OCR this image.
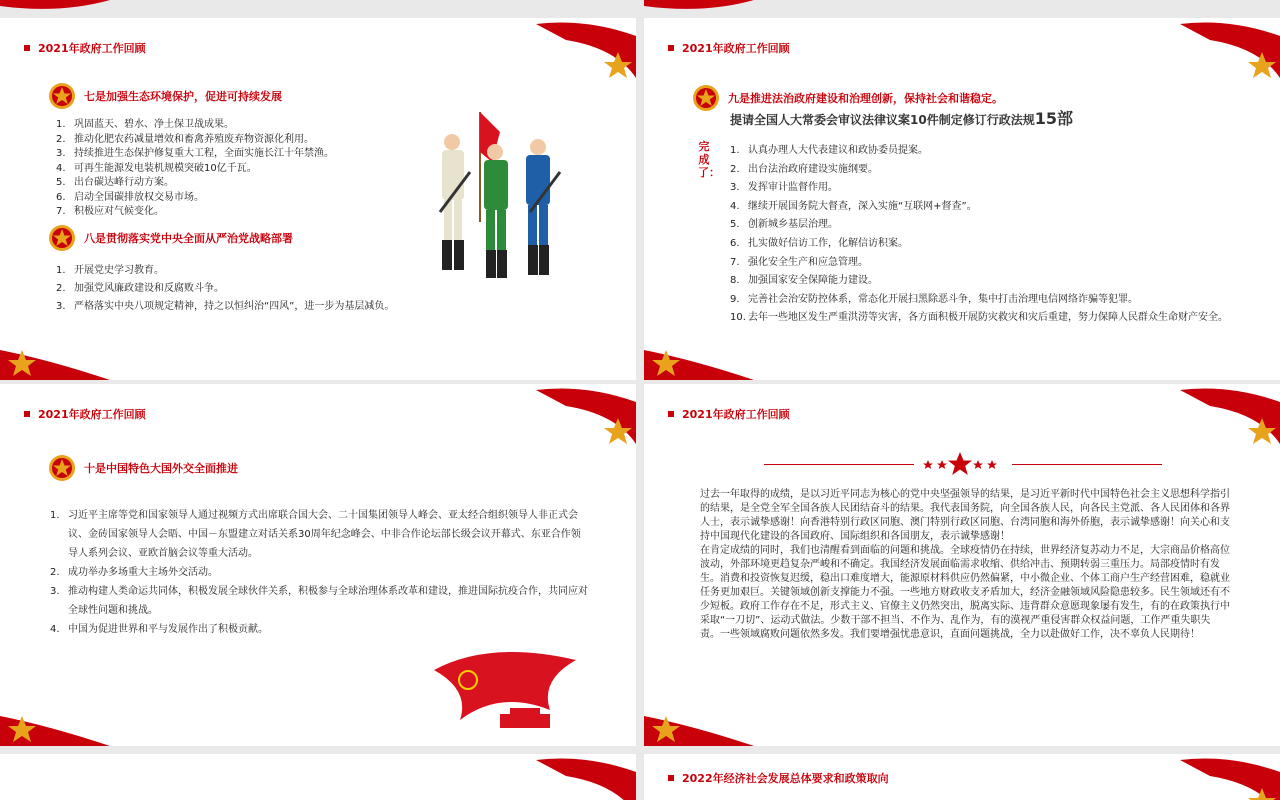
2021年政府工作回顾
七是加强生态环境保护，促进可持续发展
1. 巩固蓝天、碧水、净土保卫战成果。
2. 推动化肥农药减量增效和畜禽养殖废弃物资源化利用。
3. 持续推进生态保护修复重大工程，全面实施长江十年禁渔。
4. 可再生能源发电装机规模突破10亿千瓦。
5. 出台碳达峰行动方案。
6. 启动全国碳排放权交易市场。
7. 积极应对气候变化。
八是贯彻落实党中央全面从严治党战略部署
1. 开展党史学习教育。
2. 加强党风廉政建设和反腐败斗争。
3. 严格落实中央八项规定精神，持之以恒纠治“四风”，进一步为基层减负。
2021年政府工作回顾
九是推进法治政府建设和治理创新，保持社会和谐稳定。
提请全国人大常委会审议法律议案10件制定修订行政法规15部
完成了：
1. 认真办理人大代表建议和政协委员提案。
2. 出台法治政府建设实施纲要。
3. 发挥审计监督作用。
4. 继续开展国务院大督查，深入实施“互联网+督查”。
5. 创新城乡基层治理。
6. 扎实做好信访工作，化解信访积案。
7. 强化安全生产和应急管理。
8. 加强国家安全保障能力建设。
9. 完善社会治安防控体系，常态化开展扫黑除恶斗争，集中打击治理电信网络诈骗等犯罪。
10. 去年一些地区发生严重洪涝等灾害，各方面积极开展防灾救灾和灾后重建，努力保障人民群众生命财产安全。
2021年政府工作回顾
十是中国特色大国外交全面推进
1. 习近平主席等党和国家领导人通过视频方式出席联合国大会、二十国集团领导人峰会、亚太经合组织领导人非正式会议、金砖国家领导人会晤、中国－东盟建立对话关系30周年纪念峰会、中非合作论坛部长级会议开幕式、东亚合作领导人系列会议、亚欧首脑会议等重大活动。
2. 成功举办多场重大主场外交活动。
3. 推动构建人类命运共同体，积极发展全球伙伴关系，积极参与全球治理体系改革和建设，推进国际抗疫合作，共同应对全球性问题和挑战。
4. 中国为促进世界和平与发展作出了积极贡献。
2021年政府工作回顾

过去一年取得的成绩，是以习近平同志为核心的党中央坚强领导的结果，是习近平新时代中国特色社会主义思想科学指引的结果，是全党全军全国各族人民团结奋斗的结果。我代表国务院，向全国各族人民，向各民主党派、各人民团体和各界人士，表示诚挚感谢！向香港特别行政区同胞、澳门特别行政区同胞、台湾同胞和海外侨胞，表示诚挚感谢！向关心和支持中国现代化建设的各国政府、国际组织和各国朋友，表示诚挚感谢！

在肯定成绩的同时，我们也清醒看到面临的问题和挑战。全球疫情仍在持续，世界经济复苏动力不足，大宗商品价格高位波动，外部环境更趋复杂严峻和不确定。我国经济发展面临需求收缩、供给冲击、预期转弱三重压力。局部疫情时有发生。消费和投资恢复迟缓，稳出口难度增大，能源原材料供应仍然偏紧，中小微企业、个体工商户生产经营困难，稳就业任务更加艰巨。关键领域创新支撑能力不强。一些地方财政收支矛盾加大，经济金融领域风险隐患较多。民生领域还有不少短板。政府工作存在不足，形式主义、官僚主义仍然突出，脱离实际、违背群众意愿现象屡有发生，有的在政策执行中采取“一刀切”、运动式做法。少数干部不担当、不作为、乱作为，有的漠视严重侵害群众权益问题，工作严重失职失责。一些领域腐败问题依然多发。我们要增强忧患意识，直面问题挑战，全力以赴做好工作，决不辜负人民期待！

2022年经济社会发展总体要求和政策取向
